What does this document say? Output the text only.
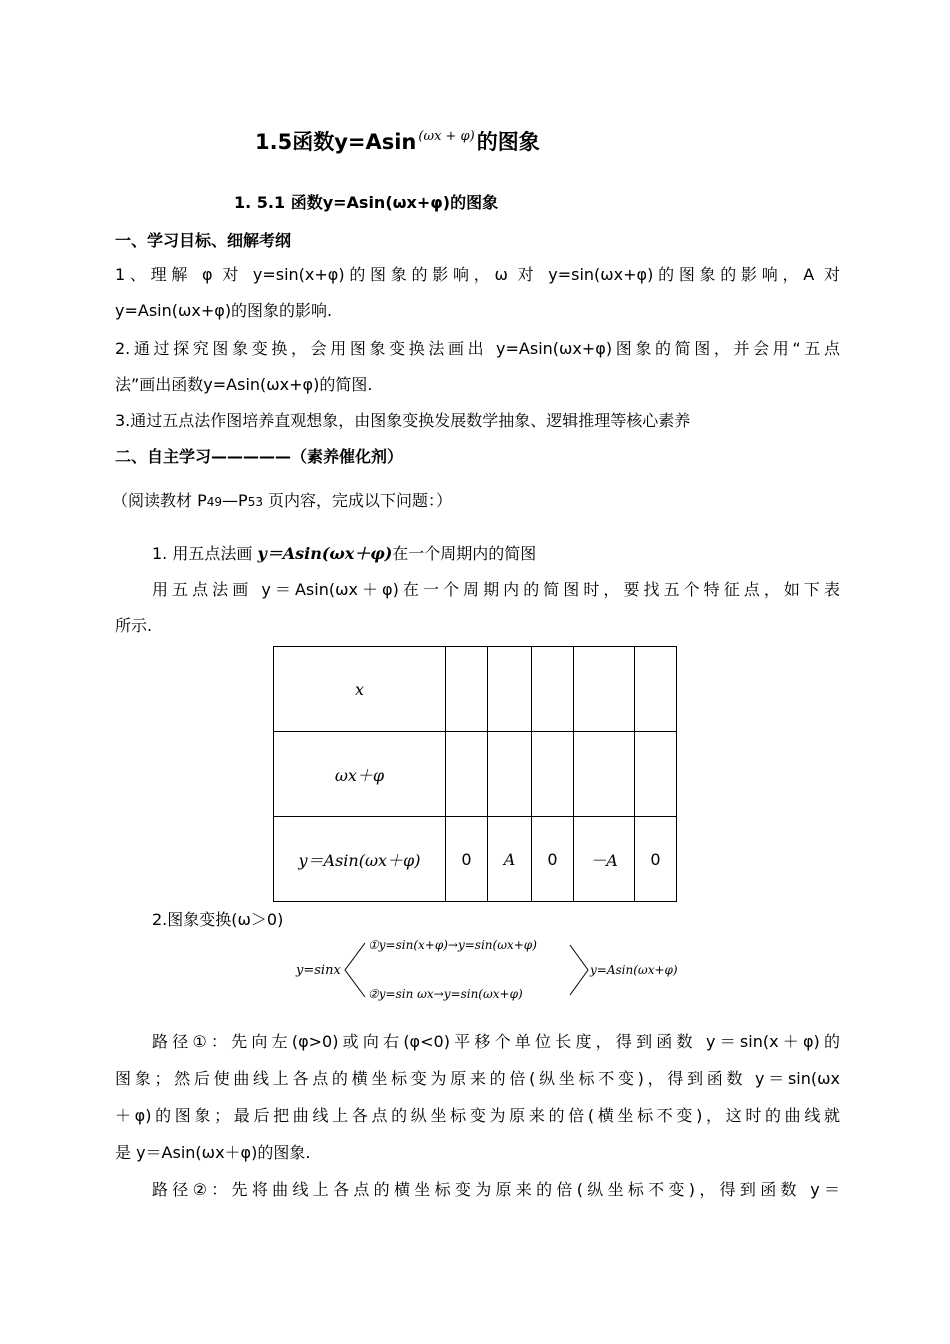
1.5函数y=Asin $^{(\omega x + \varphi)}$的图象
1. 5.1 函数y=Asin(ωx+φ)的图象
一、学习目标、细解考纲
1、理解 φ 对 y=sin(x+φ)的图象的影响，ω 对 y=sin(ωx+φ)的图象的影响，A 对
y=Asin(ωx+φ)的图象的影响.
2.通过探究图象变换，会用图象变换法画出 y=Asin(ωx+φ)图象的简图，并会用“五点
法”画出函数y=Asin(ωx+φ)的简图.
3.通过五点法作图培养直观想象，由图象变换发展数学抽象、逻辑推理等核心素养
二、自主学习—————（素养催化剂）
（阅读教材 P49—P53 页内容，完成以下问题：）
1. 用五点法画 y＝Asin(ωx＋φ)在一个周期内的简图
用五点法画 y＝Asin(ωx＋φ)在一个周期内的简图时，要找五个特征点，如下表
所示.
x					
ωx＋φ					
y＝Asin(ωx＋φ)	0	A	0	－A	0
2.图象变换(ω＞0)
y=sinx
①y=sin(x+φ)→y=sin(ωx+φ)
②y=sin ωx→y=sin(ωx+φ)
y=Asin(ωx+φ)
路径①：先向左(φ>0)或向右(φ<0)平移个单位长度，得到函数 y＝sin(x＋φ)的
图象；然后使曲线上各点的横坐标变为原来的倍(纵坐标不变)，得到函数 y＝sin(ωx
＋φ)的图象；最后把曲线上各点的纵坐标变为原来的倍(横坐标不变)，这时的曲线就
是 y＝Asin(ωx＋φ)的图象.
路径②：先将曲线上各点的横坐标变为原来的倍(纵坐标不变)，得到函数 y＝
